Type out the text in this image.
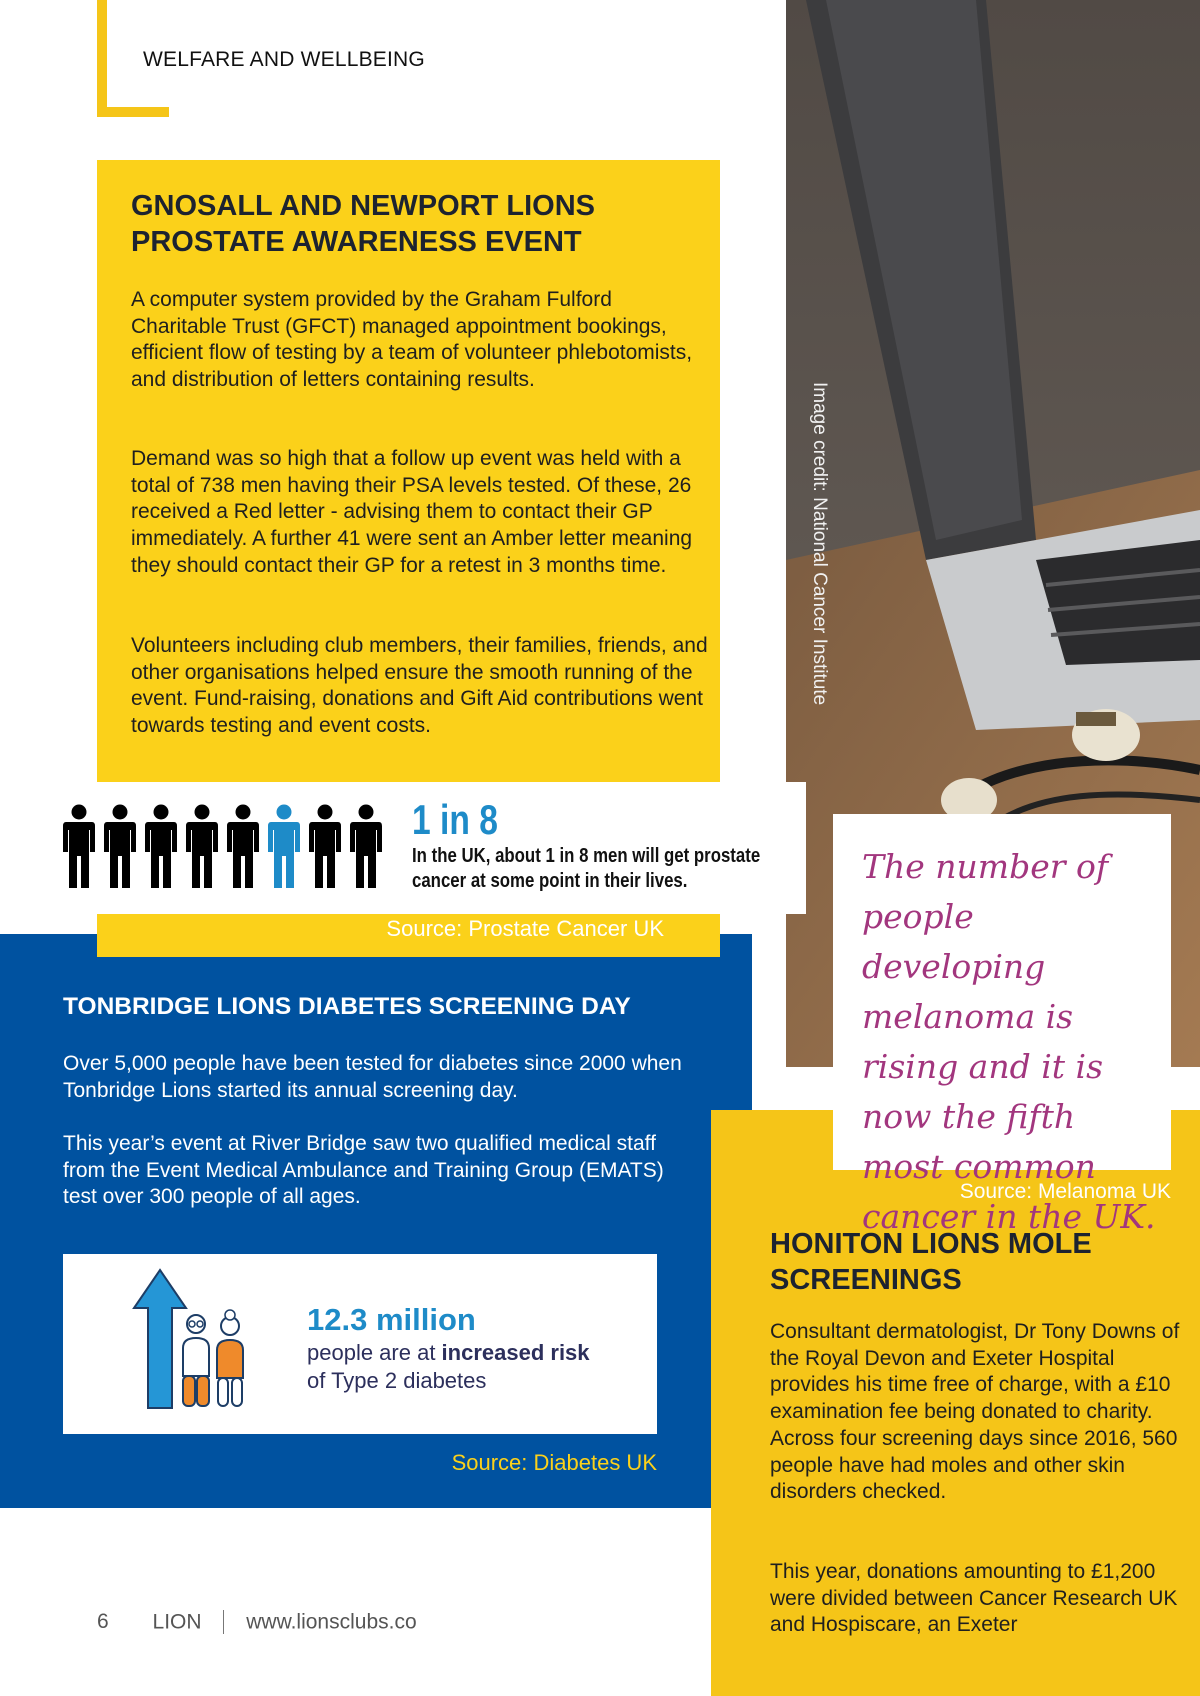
WELFARE AND WELLBEING
Image credit: National Cancer Institute
GNOSALL AND NEWPORT LIONS
PROSTATE AWARENESS EVENT
A computer system provided by the Graham Fulford Charitable Trust (GFCT) managed appointment bookings, efficient flow of testing by a team of volunteer phlebotomists, and distribution of letters containing results.
Demand was so high that a follow up event was held with a total of 738 men having their PSA levels tested. Of these, 26 received a Red letter - advising them to contact their GP immediately. A further 41 were sent an Amber letter meaning they should contact their GP for a retest in 3 months time.
Volunteers including club members, their families, friends, and other organisations helped ensure the smooth running of the event. Fund-raising, donations and Gift Aid contributions went towards testing and event costs.
1 in 8
In the UK, about 1 in 8 men will get prostate cancer at some point in their lives.
Source: Prostate Cancer UK
TONBRIDGE LIONS DIABETES SCREENING DAY
Over 5,000 people have been tested for diabetes since 2000 when Tonbridge Lions started its annual screening day.
This year’s event at River Bridge saw two qualified medical staff from the Event Medical Ambulance and Training Group (EMATS) test over 300 people of all ages.
12.3 million
people are at increased risk
of Type 2 diabetes
Source: Diabetes UK
The number of people developing melanoma is rising and it is now the fifth most common cancer in the UK.
Source: Melanoma UK
HONITON LIONS MOLE
SCREENINGS
Consultant dermatologist, Dr Tony Downs of the Royal Devon and Exeter Hospital provides his time free of charge, with a £10 examination fee being donated to charity. Across four screening days since 2016, 560 people have had moles and other skin disorders checked.
This year, donations amounting to £1,200 were divided between Cancer Research UK and Hospiscare, an Exeter
6 LION www.lionsclubs.co
